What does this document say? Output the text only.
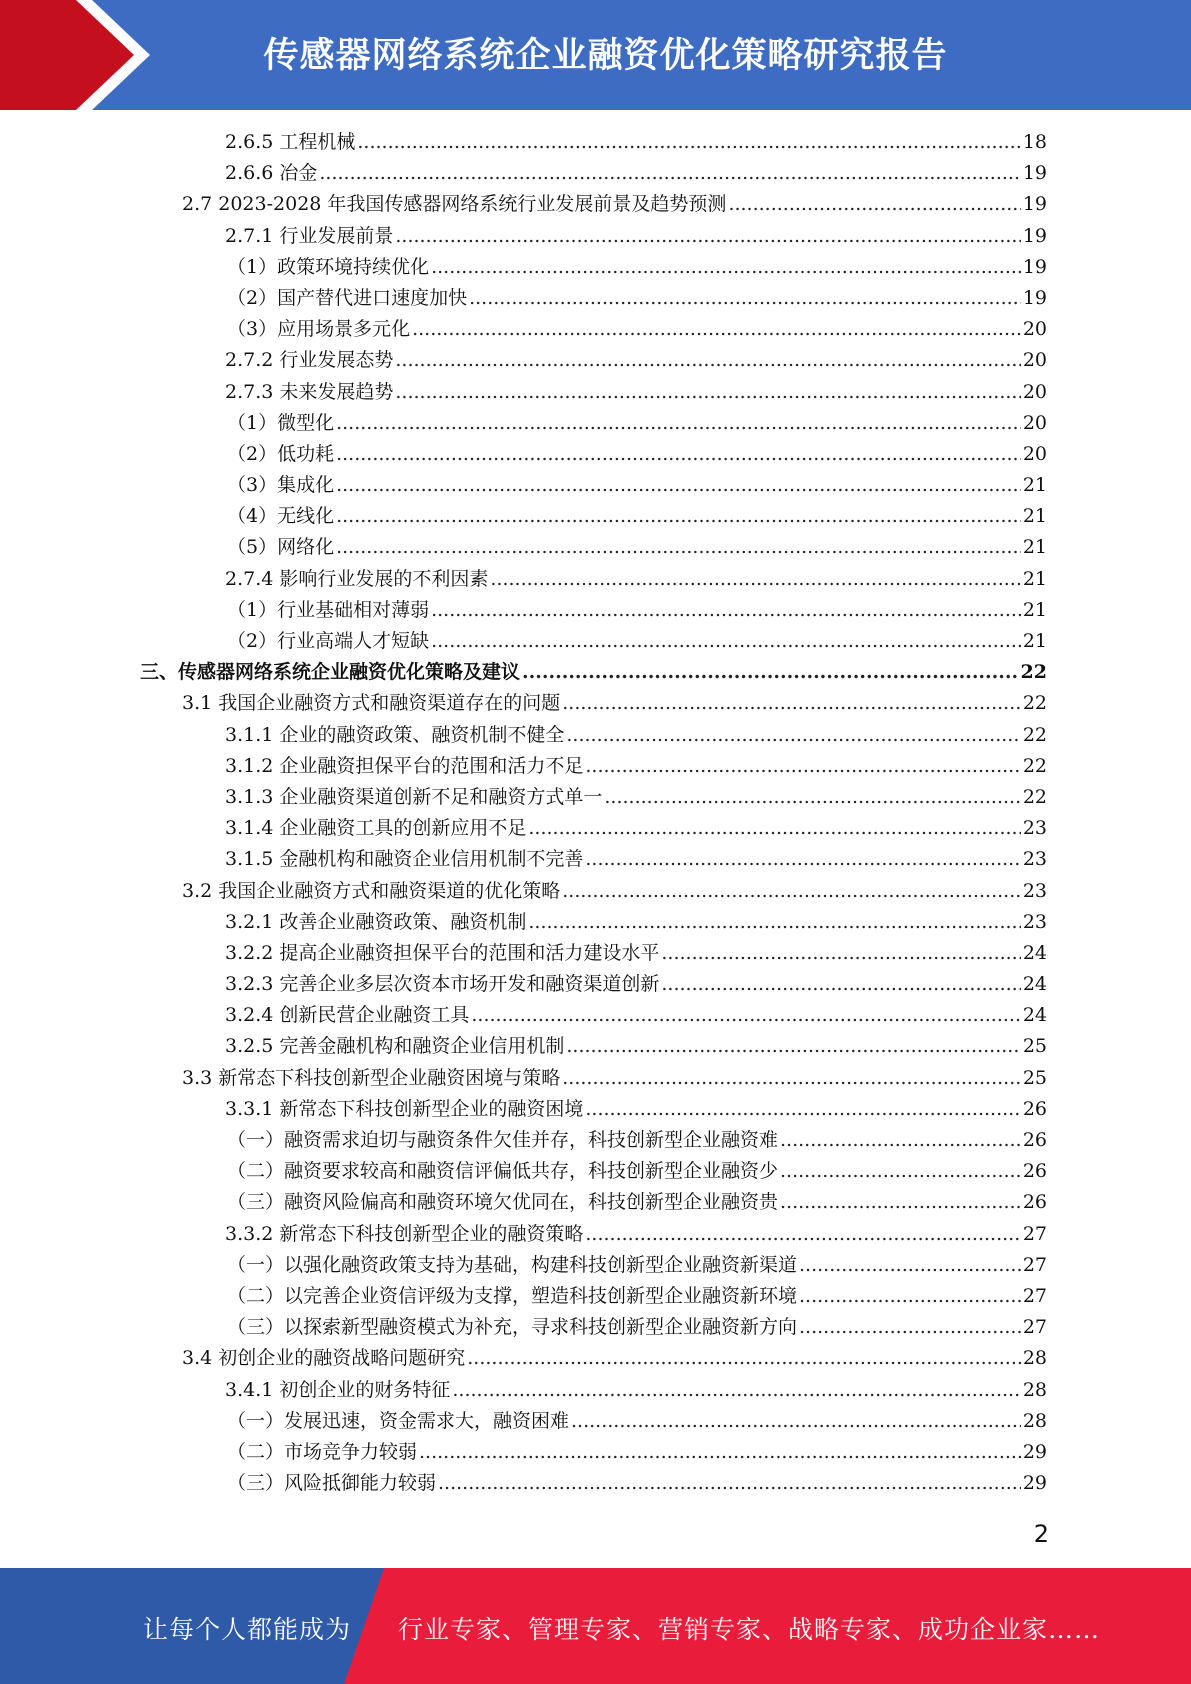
传感器网络系统企业融资优化策略研究报告
2.6.5 工程机械 .....	18
2.6.6 冶金 .....	19
2.7 2023-2028 年我国传感器网络系统行业发展前景及趋势预测 .....	19
2.7.1 行业发展前景 .....	19
（1）政策环境持续优化 .....	19
（2）国产替代进口速度加快 .....	19
（3）应用场景多元化 .....	20
2.7.2 行业发展态势 .....	20
2.7.3 未来发展趋势 .....	20
（1）微型化 .....	20
（2）低功耗 .....	20
（3）集成化 .....	21
（4）无线化 .....	21
（5）网络化 .....	21
2.7.4 影响行业发展的不利因素 .....	21
（1）行业基础相对薄弱 .....	21
（2）行业高端人才短缺 .....	21
三、传感器网络系统企业融资优化策略及建议 .....	22
3.1 我国企业融资方式和融资渠道存在的问题 .....	22
3.1.1 企业的融资政策、融资机制不健全 .....	22
3.1.2 企业融资担保平台的范围和活力不足 .....	22
3.1.3 企业融资渠道创新不足和融资方式单一 .....	22
3.1.4 企业融资工具的创新应用不足 .....	23
3.1.5 金融机构和融资企业信用机制不完善 .....	23
3.2 我国企业融资方式和融资渠道的优化策略 .....	23
3.2.1 改善企业融资政策、融资机制 .....	23
3.2.2 提高企业融资担保平台的范围和活力建设水平 .....	24
3.2.3 完善企业多层次资本市场开发和融资渠道创新 .....	24
3.2.4 创新民营企业融资工具 .....	24
3.2.5 完善金融机构和融资企业信用机制 .....	25
3.3 新常态下科技创新型企业融资困境与策略 .....	25
3.3.1 新常态下科技创新型企业的融资困境 .....	26
（一）融资需求迫切与融资条件欠佳并存，科技创新型企业融资难 .....	26
（二）融资要求较高和融资信评偏低共存，科技创新型企业融资少 .....	26
（三）融资风险偏高和融资环境欠优同在，科技创新型企业融资贵 .....	26
3.3.2 新常态下科技创新型企业的融资策略 .....	27
（一）以强化融资政策支持为基础，构建科技创新型企业融资新渠道 .....	27
（二）以完善企业资信评级为支撑，塑造科技创新型企业融资新环境 .....	27
（三）以探索新型融资模式为补充，寻求科技创新型企业融资新方向 .....	27
3.4 初创企业的融资战略问题研究 .....	28
3.4.1 初创企业的财务特征 .....	28
（一）发展迅速，资金需求大，融资困难 .....	28
（二）市场竞争力较弱 .....	29
（三）风险抵御能力较弱 .....	29
2
让每个人都能成为 行业专家、管理专家、营销专家、战略专家、成功企业家……
